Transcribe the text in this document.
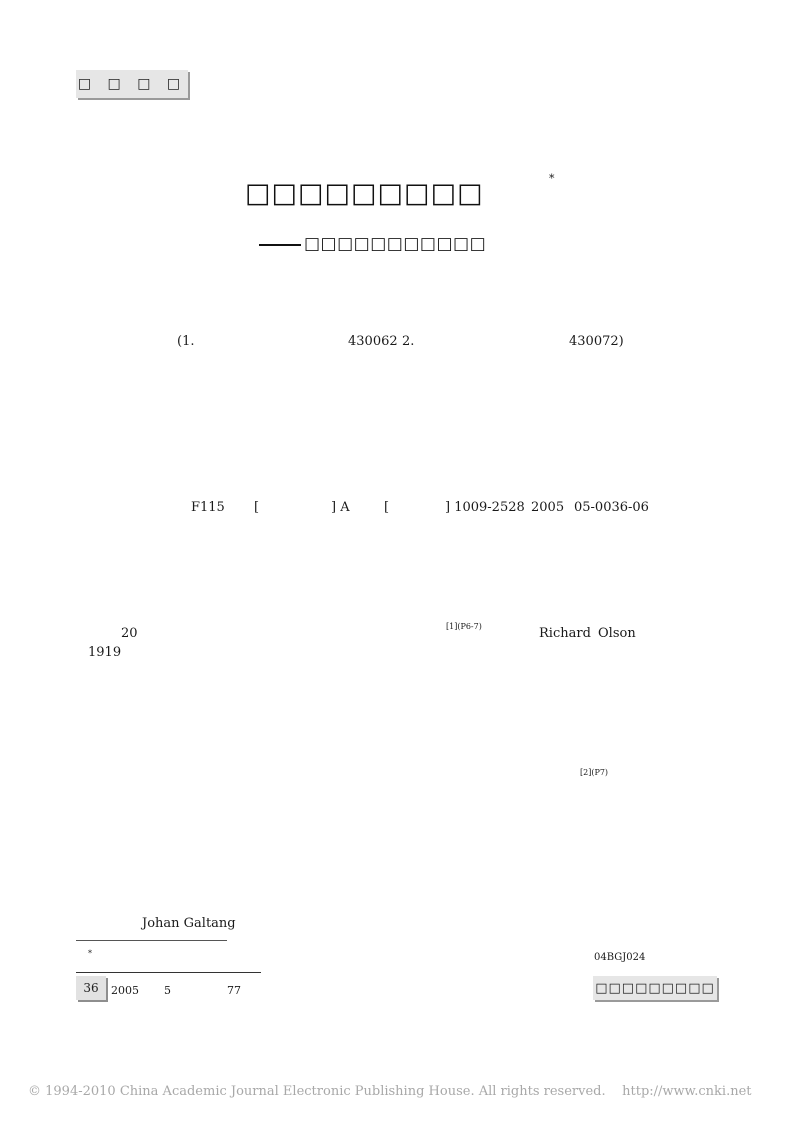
□ □ □ □
□□□□□□□□□	*
□□□□□□□□□□□
(1.	430062 2.	430072)
F115 [	] A	[	] 1009-2528 2005 05-0036-06
20	[1](P6-7)	Richard Olson
1919
[2](P7)
Johan Galtang
*	04BGJ024
36	2005 5	77	□□□□□□□□□
© 1994-2010 China Academic Journal Electronic Publishing House. All rights reserved.    http://www.cnki.net
